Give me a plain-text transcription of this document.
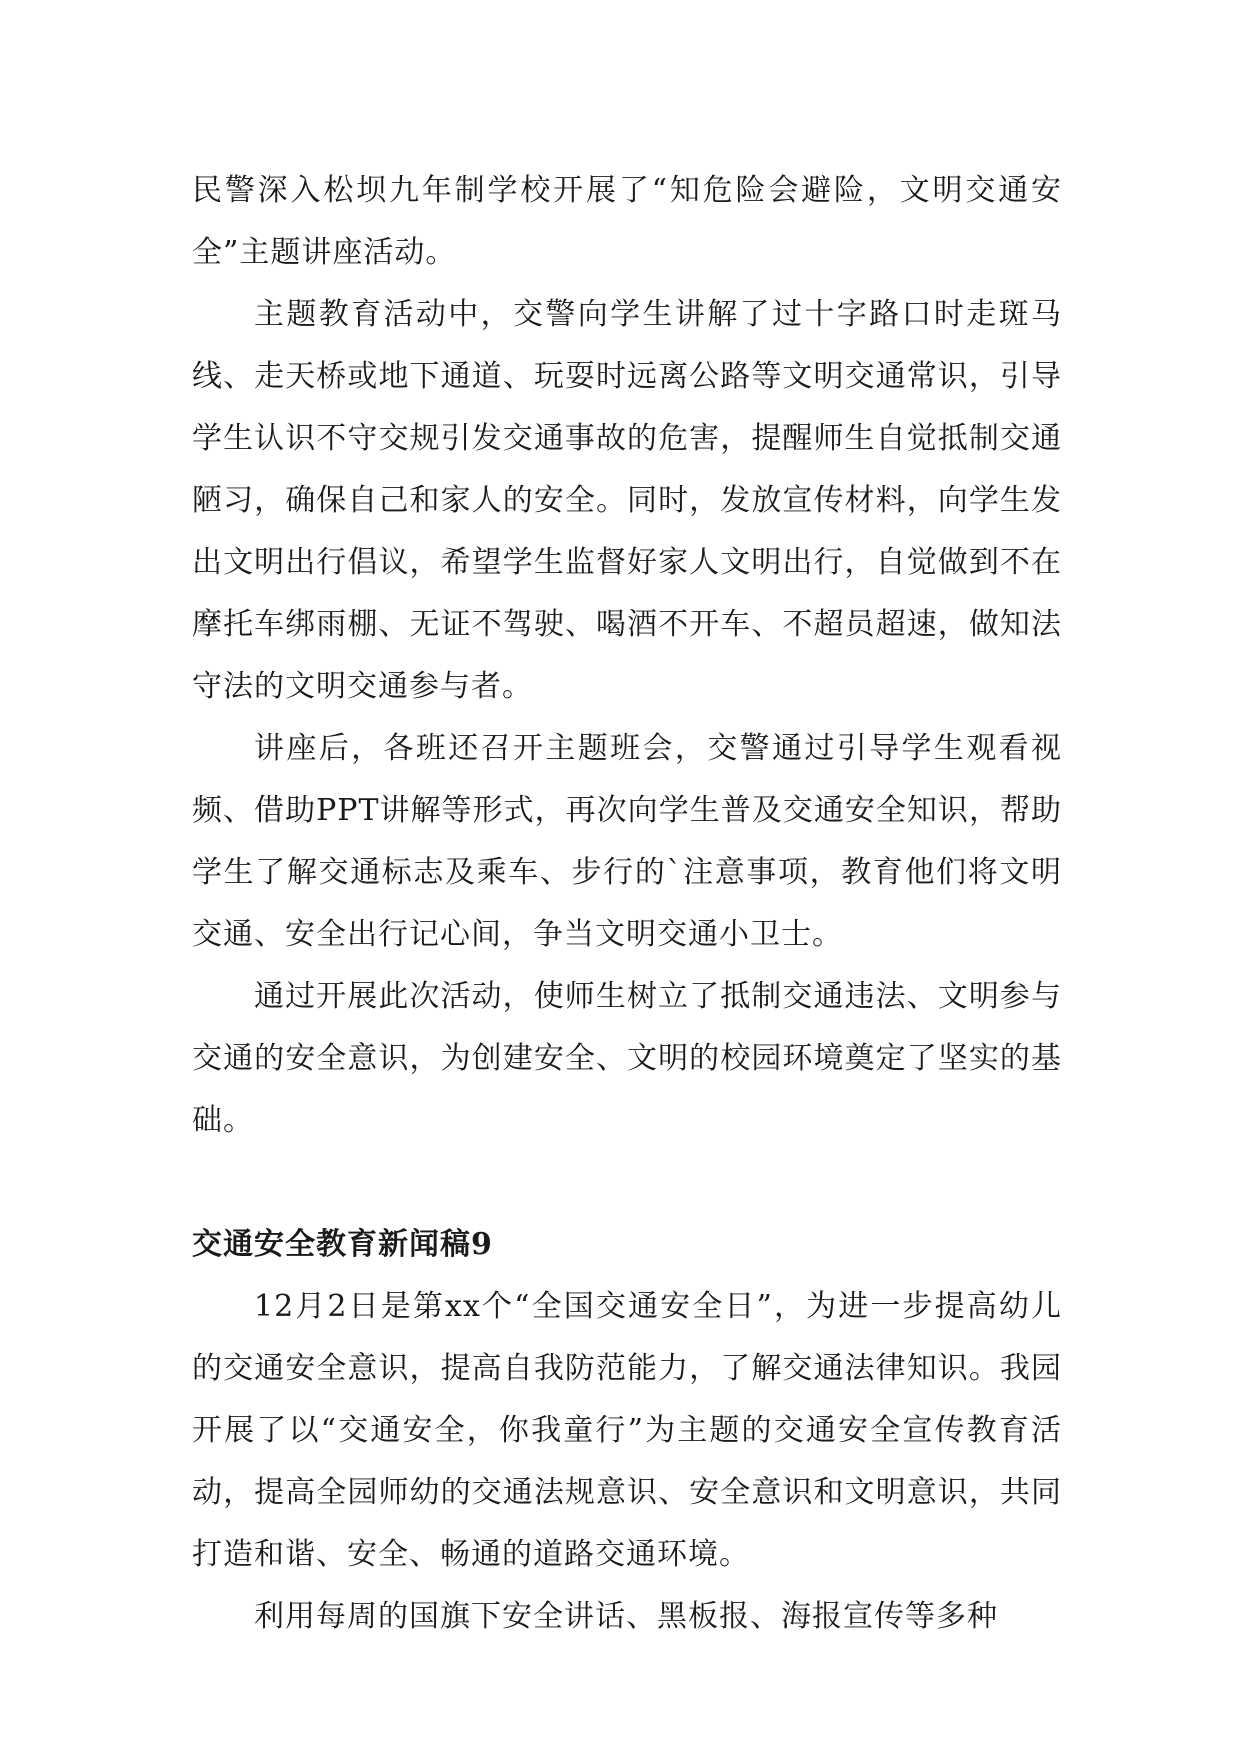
民警深入松坝九年制学校开展了“知危险会避险，文明交通安全”主题讲座活动。

主题教育活动中，交警向学生讲解了过十字路口时走斑马线、走天桥或地下通道、玩耍时远离公路等文明交通常识，引导学生认识不守交规引发交通事故的危害，提醒师生自觉抵制交通陋习，确保自己和家人的安全。同时，发放宣传材料，向学生发出文明出行倡议，希望学生监督好家人文明出行，自觉做到不在摩托车绑雨棚、无证不驾驶、喝酒不开车、不超员超速，做知法守法的文明交通参与者。

讲座后，各班还召开主题班会，交警通过引导学生观看视频、借助PPT讲解等形式，再次向学生普及交通安全知识，帮助学生了解交通标志及乘车、步行的`注意事项，教育他们将文明交通、安全出行记心间，争当文明交通小卫士。

通过开展此次活动，使师生树立了抵制交通违法、文明参与交通的安全意识，为创建安全、文明的校园环境奠定了坚实的基础。

交通安全教育新闻稿9

12月2日是第xx个“全国交通安全日”，为进一步提高幼儿的交通安全意识，提高自我防范能力，了解交通法律知识。我园开展了以“交通安全，你我童行”为主题的交通安全宣传教育活动，提高全园师幼的交通法规意识、安全意识和文明意识，共同打造和谐、安全、畅通的道路交通环境。

利用每周的国旗下安全讲话、黑板报、海报宣传等多种
